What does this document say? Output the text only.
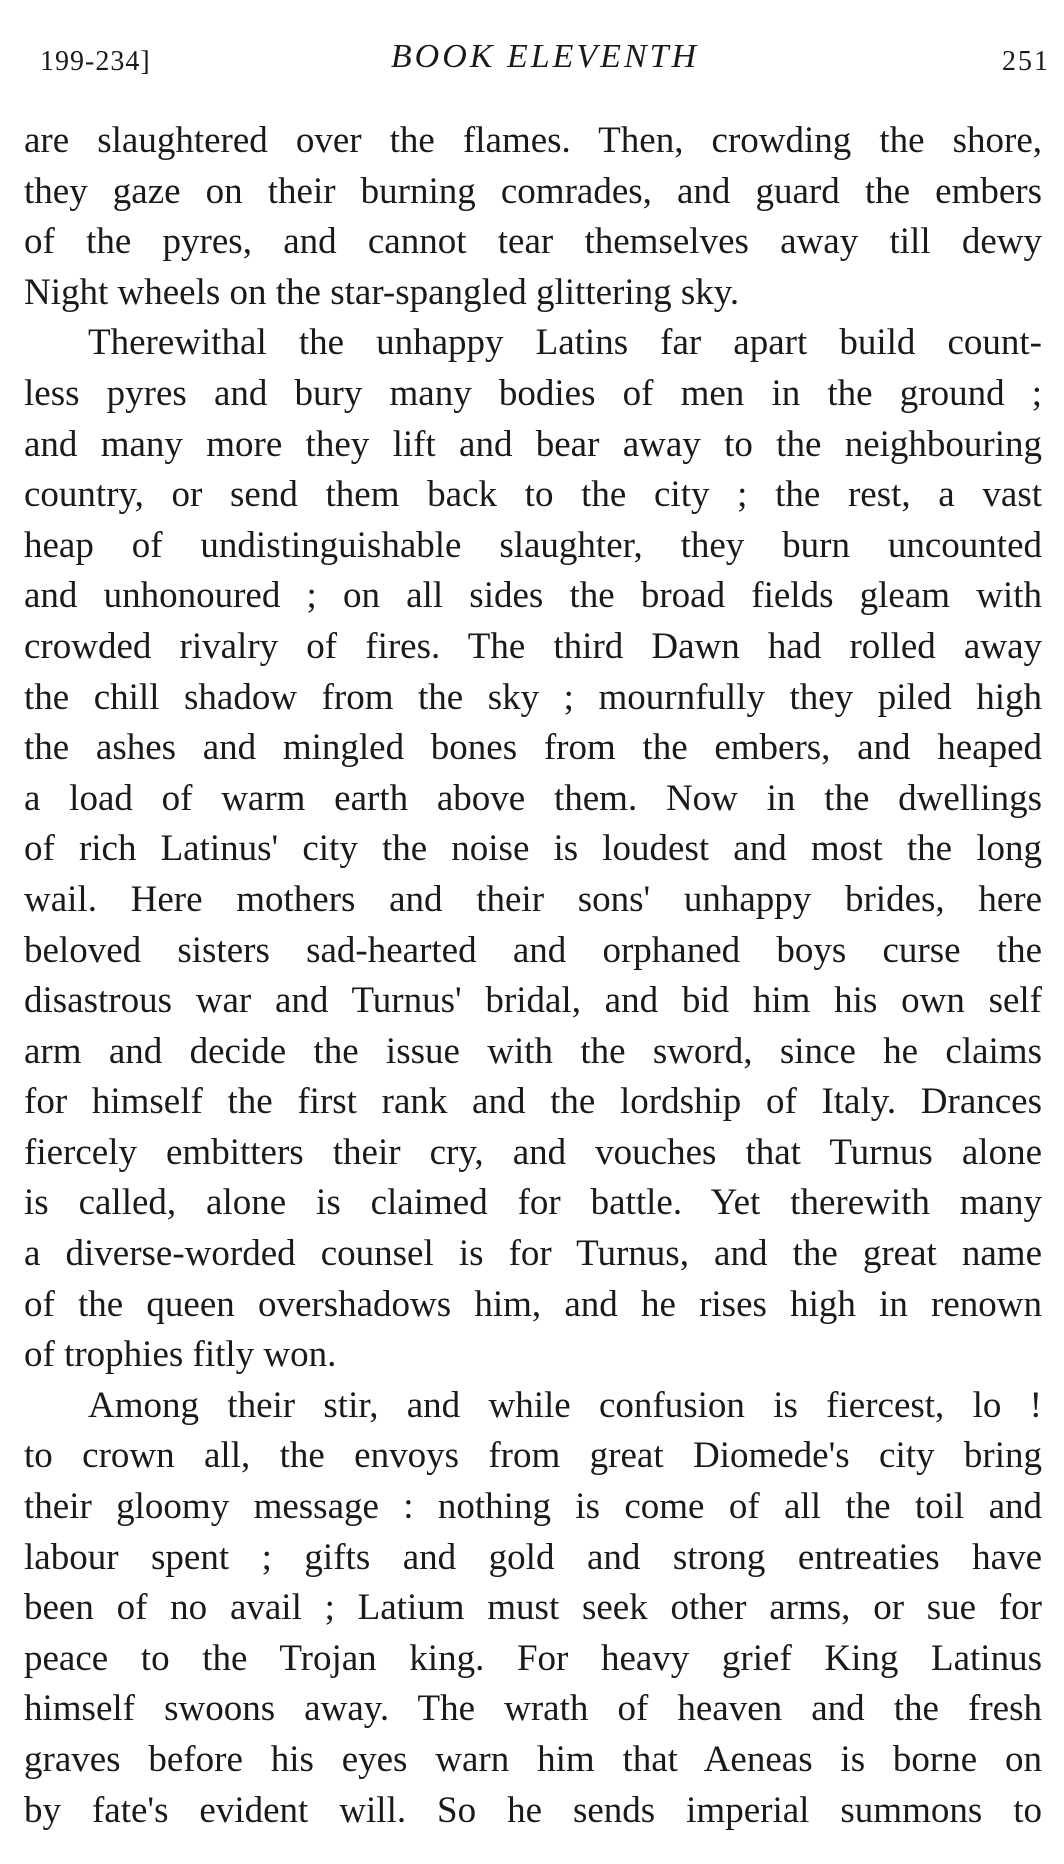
199-234]	BOOK ELEVENTH	251
are slaughtered over the flames. Then, crowding the shore,
they gaze on their burning comrades, and guard the embers
of the pyres, and cannot tear themselves away till dewy
Night wheels on the star-spangled glittering sky.
Therewithal the unhappy Latins far apart build count-
less pyres and bury many bodies of men in the ground ;
and many more they lift and bear away to the neighbouring
country, or send them back to the city ; the rest, a vast
heap of undistinguishable slaughter, they burn uncounted
and unhonoured ; on all sides the broad fields gleam with
crowded rivalry of fires. The third Dawn had rolled away
the chill shadow from the sky ; mournfully they piled high
the ashes and mingled bones from the embers, and heaped
a load of warm earth above them. Now in the dwellings
of rich Latinus' city the noise is loudest and most the long
wail. Here mothers and their sons' unhappy brides, here
beloved sisters sad-hearted and orphaned boys curse the
disastrous war and Turnus' bridal, and bid him his own self
arm and decide the issue with the sword, since he claims
for himself the first rank and the lordship of Italy. Drances
fiercely embitters their cry, and vouches that Turnus alone
is called, alone is claimed for battle. Yet therewith many
a diverse-worded counsel is for Turnus, and the great name
of the queen overshadows him, and he rises high in renown
of trophies fitly won.
Among their stir, and while confusion is fiercest, lo !
to crown all, the envoys from great Diomede's city bring
their gloomy message : nothing is come of all the toil and
labour spent ; gifts and gold and strong entreaties have
been of no avail ; Latium must seek other arms, or sue for
peace to the Trojan king. For heavy grief King Latinus
himself swoons away. The wrath of heaven and the fresh
graves before his eyes warn him that Aeneas is borne on
by fate's evident will. So he sends imperial summons to
